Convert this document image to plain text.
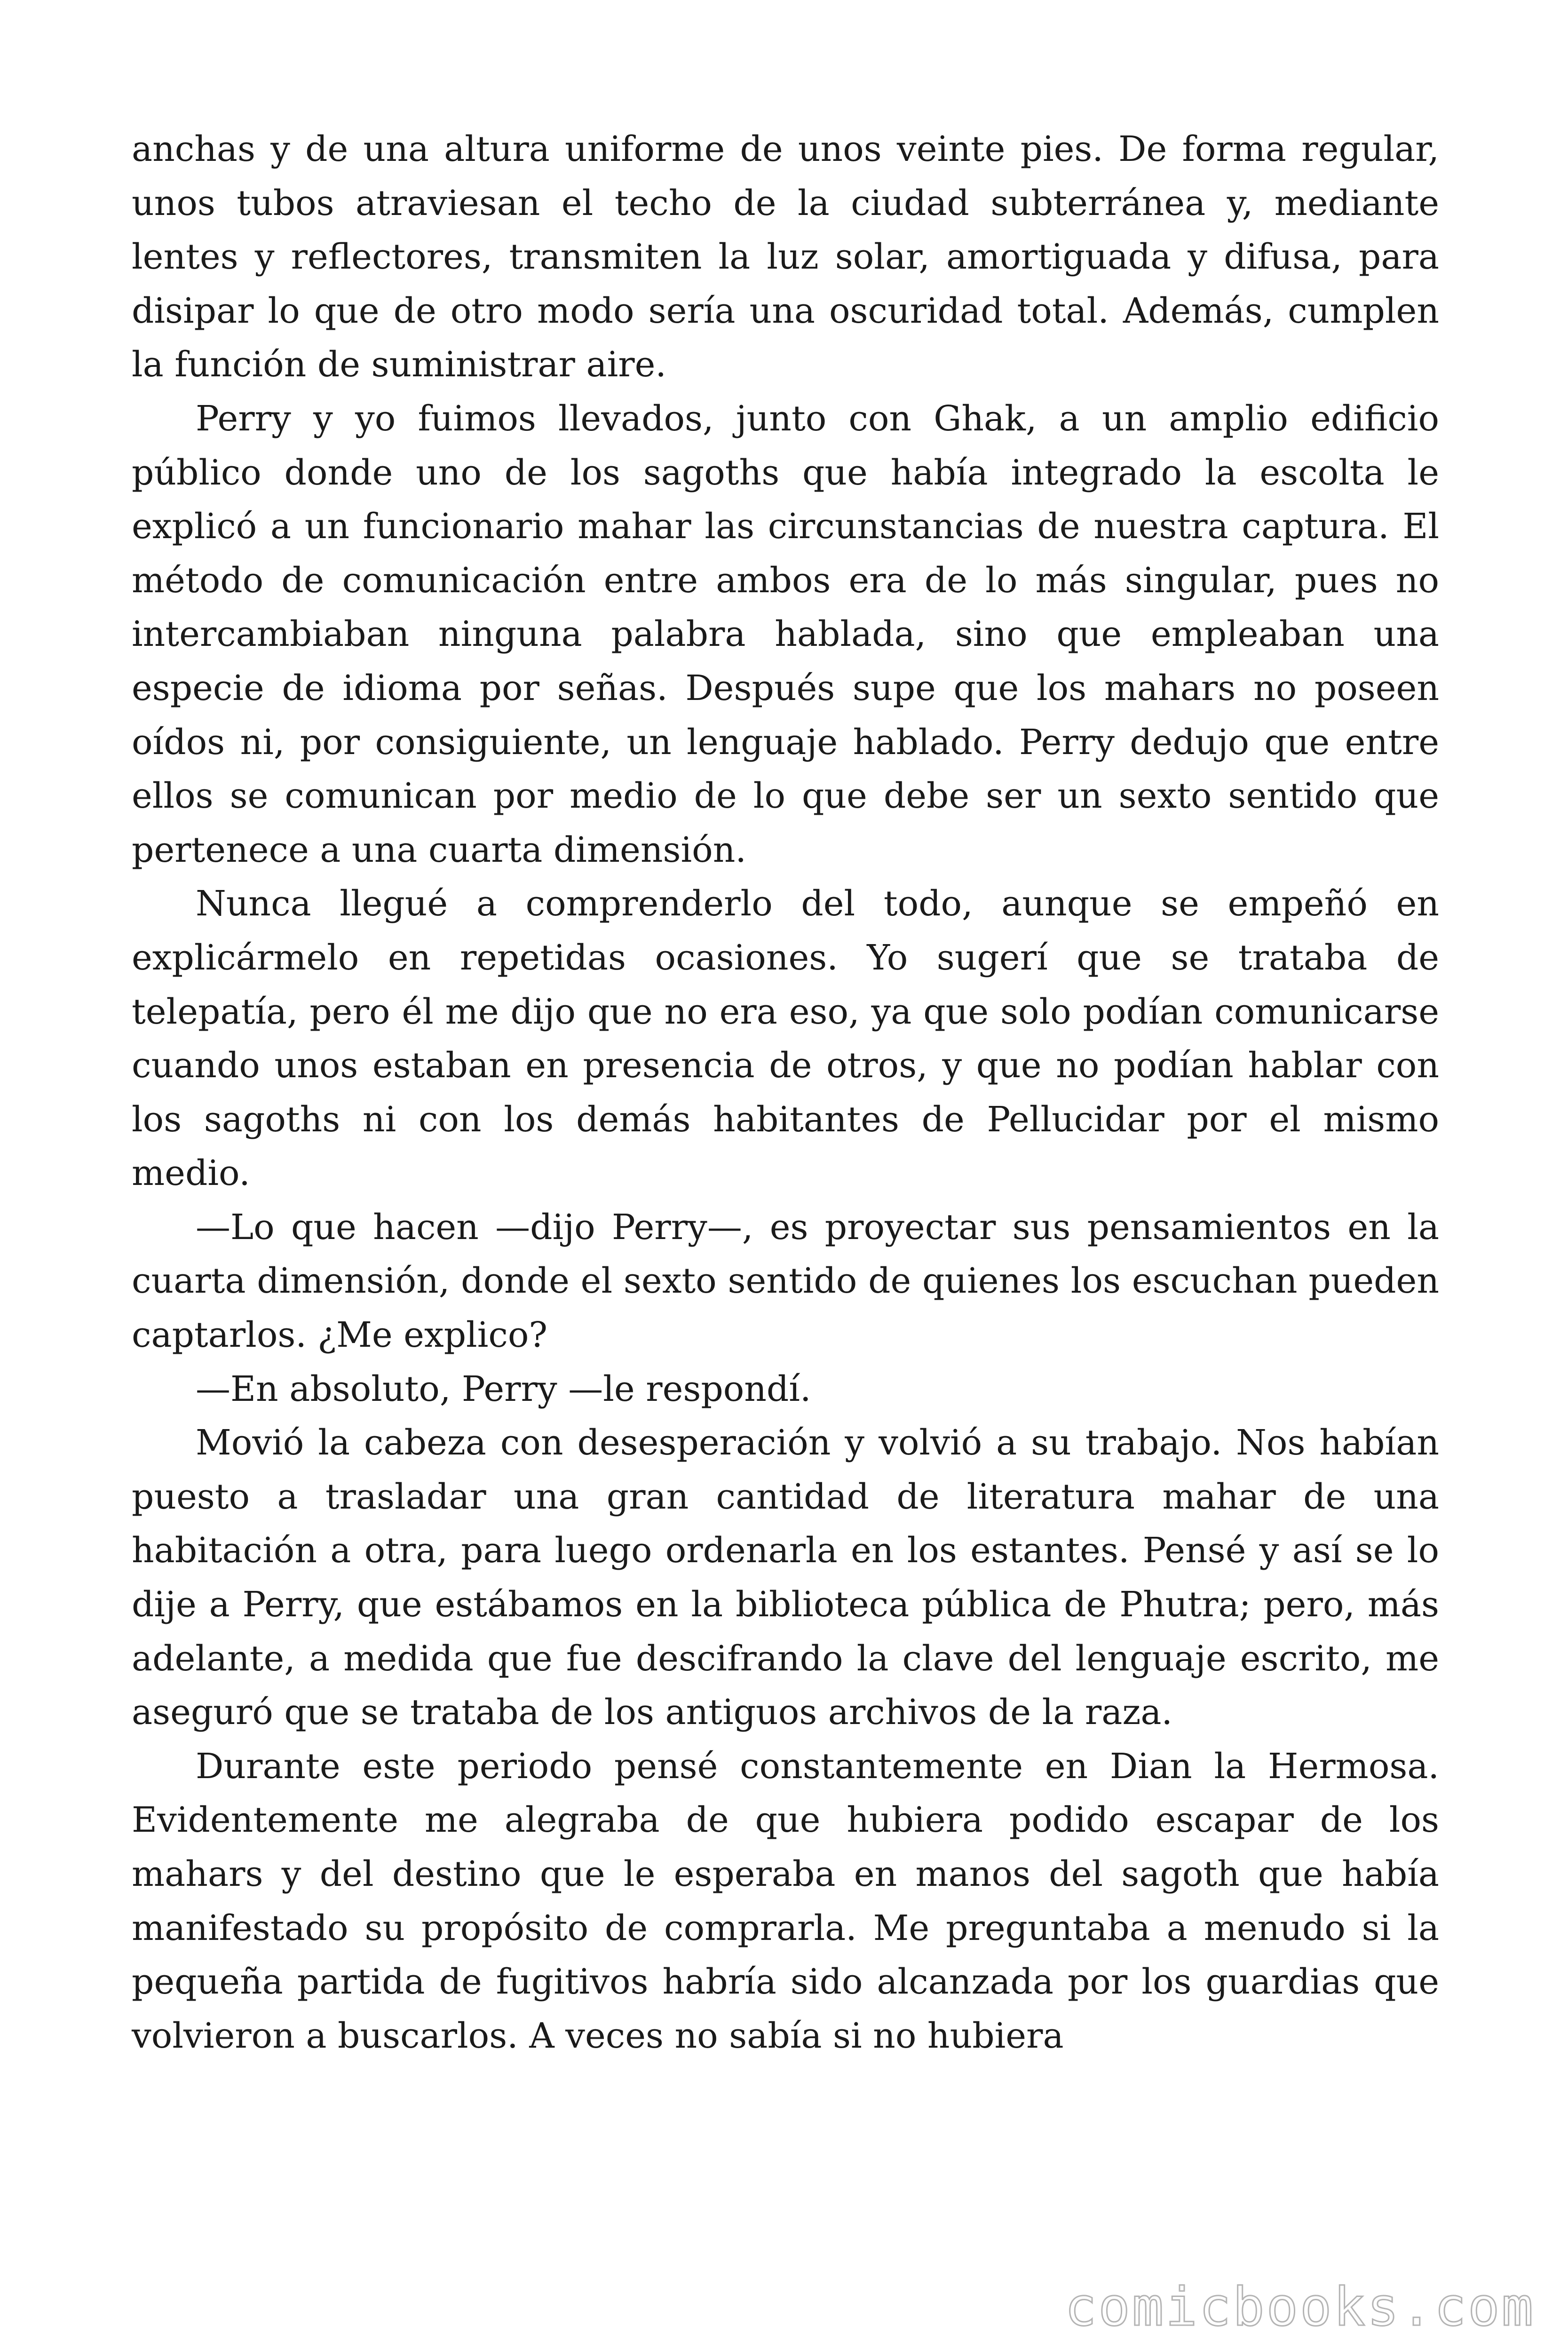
anchas y de una altura uniforme de unos veinte pies. De forma regular, unos tubos atraviesan el techo de la ciudad subterránea y, mediante lentes y reflectores, transmiten la luz solar, amortiguada y difusa, para disipar lo que de otro modo sería una oscuridad total. Además, cumplen la función de suministrar aire.

Perry y yo fuimos llevados, junto con Ghak, a un amplio edificio público donde uno de los sagoths que había integrado la escolta le explicó a un funcionario mahar las circunstancias de nuestra captura. El método de comunicación entre ambos era de lo más singular, pues no intercambiaban ninguna palabra hablada, sino que empleaban una especie de idioma por señas. Después supe que los mahars no poseen oídos ni, por consiguiente, un lenguaje hablado. Perry dedujo que entre ellos se comunican por medio de lo que debe ser un sexto sentido que pertenece a una cuarta dimensión.

Nunca llegué a comprenderlo del todo, aunque se empeñó en explicármelo en repetidas ocasiones. Yo sugerí que se trataba de telepatía, pero él me dijo que no era eso, ya que solo podían comunicarse cuando unos estaban en presencia de otros, y que no podían hablar con los sagoths ni con los demás habitantes de Pellucidar por el mismo medio.

—Lo que hacen —dijo Perry—, es proyectar sus pensamientos en la cuarta dimensión, donde el sexto sentido de quienes los escuchan pueden captarlos. ¿Me explico?

—En absoluto, Perry —le respondí.

Movió la cabeza con desesperación y volvió a su trabajo. Nos habían puesto a trasladar una gran cantidad de literatura mahar de una habitación a otra, para luego ordenarla en los estantes. Pensé y así se lo dije a Perry, que estábamos en la biblioteca pública de Phutra; pero, más adelante, a medida que fue descifrando la clave del lenguaje escrito, me aseguró que se trataba de los antiguos archivos de la raza.

Durante este periodo pensé constantemente en Dian la Hermosa. Evidentemente me alegraba de que hubiera podido escapar de los mahars y del destino que le esperaba en manos del sagoth que había manifestado su propósito de comprarla. Me preguntaba a menudo si la pequeña partida de fugitivos habría sido alcanzada por los guardias que volvieron a buscarlos. A veces no sabía si no hubiera

comicbooks.com
